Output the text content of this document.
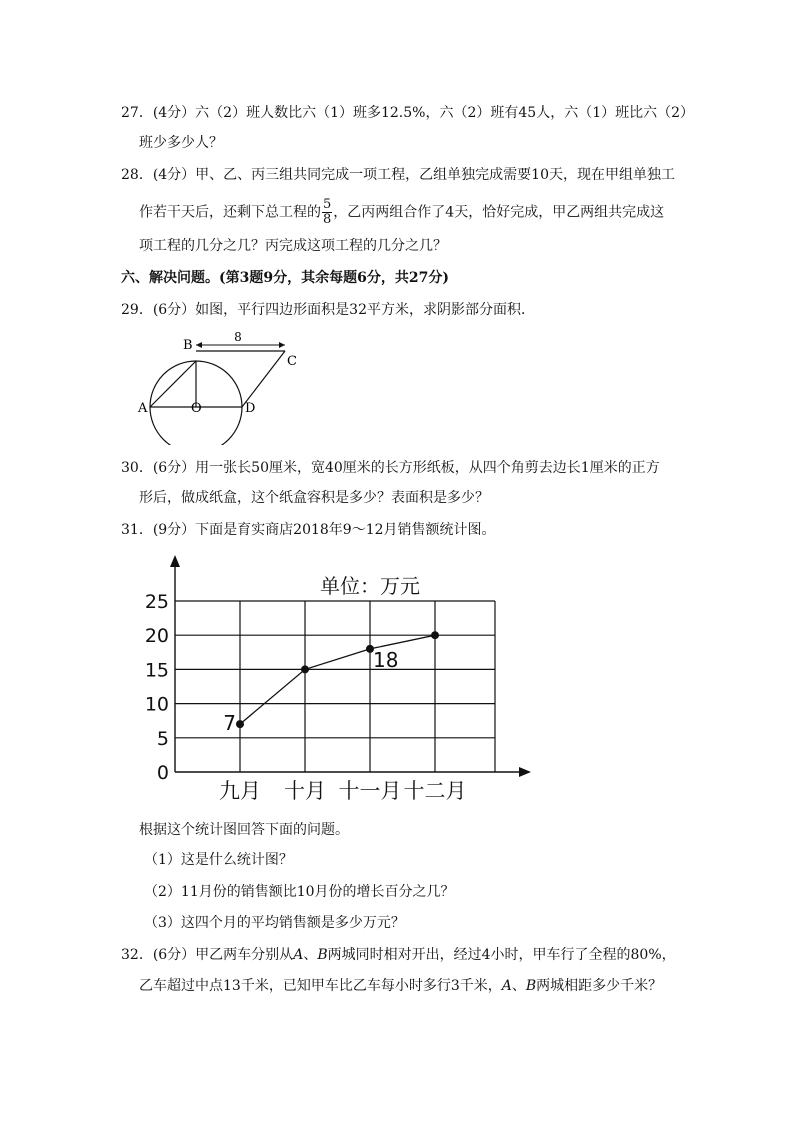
27．(4分）六（2）班人数比六（1）班多12.5%，六（2）班有45人，六（1）班比六（2）
班少多少人？
28．(4分）甲、乙、丙三组共同完成一项工程，乙组单独完成需要10天，现在甲组单独工
作若干天后，还剩下总工程的 $\frac{5}{8}$ ，乙丙两组合作了4天，恰好完成，甲乙两组共完成这
项工程的几分之几？丙完成这项工程的几分之几？
六、解决问题。(第3题9分，其余每题6分，共27分)
29．(6分）如图，平行四边形面积是32平方米，求阴影部分面积．
8
B
C
A	O	D
30．(6分）用一张长50厘米，宽40厘米的长方形纸板，从四个角剪去边长1厘米的正方
形后，做成纸盒，这个纸盒容积是多少？表面积是多少？
31．(9分）下面是育实商店2018年9～12月销售额统计图。
0
5
10
15
20
25
九月 十月 十一月 十二月
单位：万元
7
18
根据这个统计图回答下面的问题。
（1）这是什么统计图？
（2）11月份的销售额比10月份的增长百分之几？
（3）这四个月的平均销售额是多少万元？
32．(6分）甲乙两车分别从A、B两城同时相对开出，经过4小时，甲车行了全程的80%，
乙车超过中点13千米，已知甲车比乙车每小时多行3千米，A、B两城相距多少千米？
